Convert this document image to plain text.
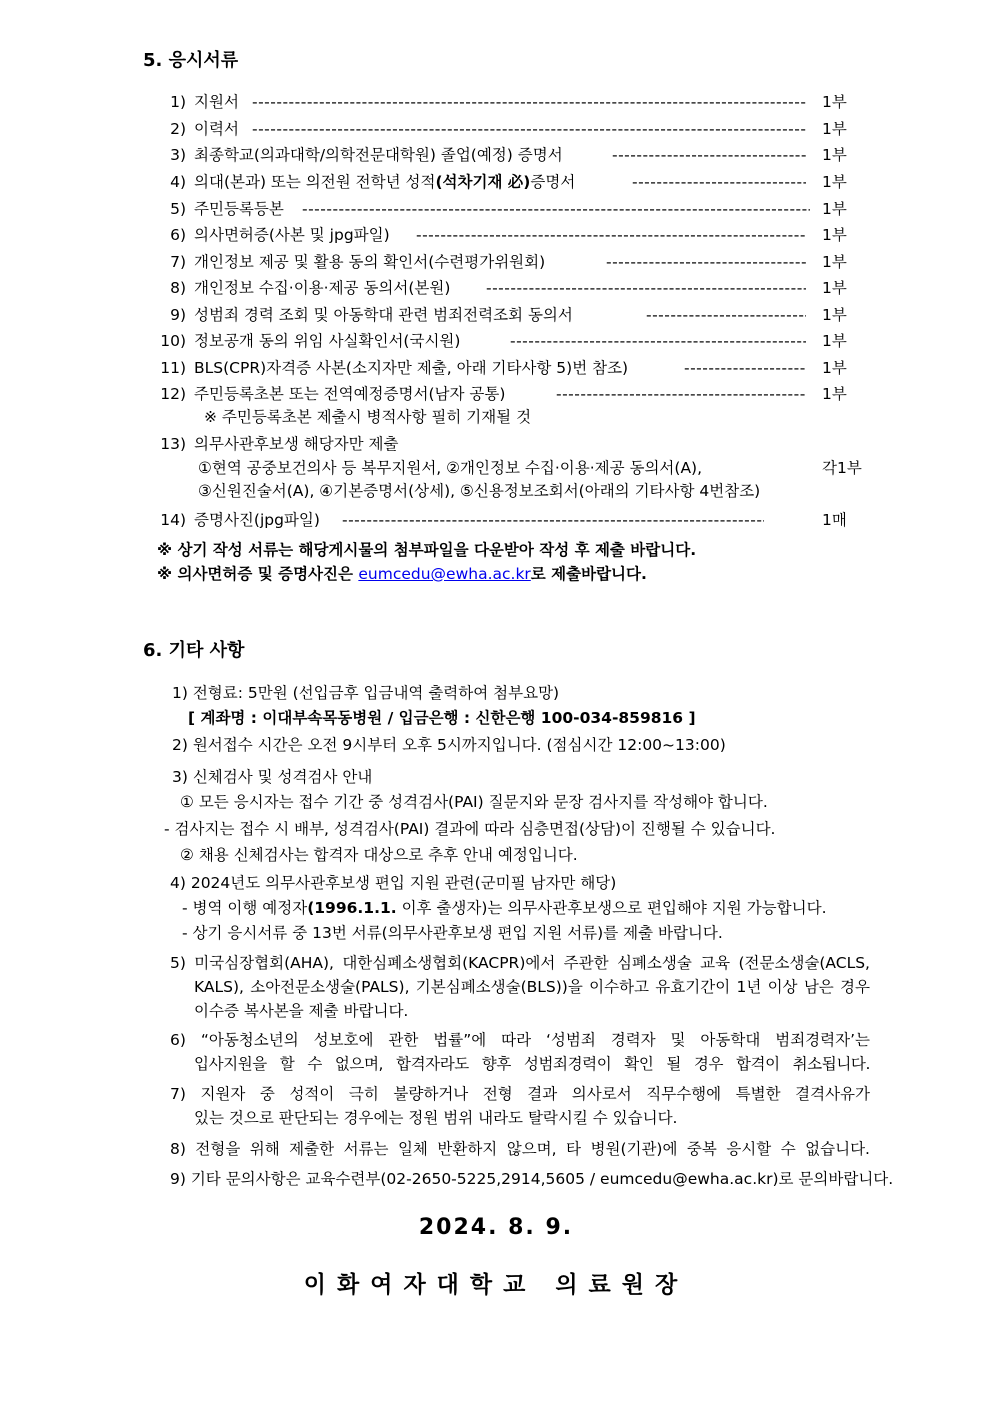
5. 응시서류
1) 지원서 -----	1부
2) 이력서 -----	1부
3) 최종학교(의과대학/의학전문대학원) 졸업(예정) 증명서 -----	1부
4) 의대(본과) 또는 의전원 전학년 성적(석차기재 必)증명서 -----	1부
5) 주민등록등본 -----	1부
6) 의사면허증(사본 및 jpg파일) -----	1부
7) 개인정보 제공 및 활용 동의 확인서(수련평가위원회) -----	1부
8) 개인정보 수집·이용·제공 동의서(본원) -----	1부
9) 성범죄 경력 조회 및 아동학대 관련 범죄전력조회 동의서 -----	1부
10) 정보공개 동의 위임 사실확인서(국시원) -----	1부
11) BLS(CPR)자격증 사본(소지자만 제출, 아래 기타사항 5)번 참조) -----	1부
12) 주민등록초본 또는 전역예정증명서(남자 공통) -----	1부
※ 주민등록초본 제출시 병적사항 필히 기재될 것
13) 의무사관후보생 해당자만 제출
①현역 공중보건의사 등 복무지원서, ②개인정보 수집·이용·제공 동의서(A),	각1부
③신원진술서(A), ④기본증명서(상세), ⑤신용정보조회서(아래의 기타사항 4번참조)
14) 증명사진(jpg파일) -----	1매
※ 상기 작성 서류는 해당게시물의 첨부파일을 다운받아 작성 후 제출 바랍니다.
※ 의사면허증 및 증명사진은 eumcedu@ewha.ac.kr로 제출바랍니다.
6. 기타 사항
1) 전형료: 5만원 (선입금후 입금내역 출력하여 첨부요망)
[ 계좌명 : 이대부속목동병원 / 입금은행 : 신한은행 100-034-859816 ]
2) 원서접수 시간은 오전 9시부터 오후 5시까지입니다. (점심시간 12:00~13:00)
3) 신체검사 및 성격검사 안내
① 모든 응시자는 접수 기간 중 성격검사(PAI) 질문지와 문장 검사지를 작성해야 합니다.
- 검사지는 접수 시 배부, 성격검사(PAI) 결과에 따라 심층면접(상담)이 진행될 수 있습니다.
② 채용 신체검사는 합격자 대상으로 추후 안내 예정입니다.
4) 2024년도 의무사관후보생 편입 지원 관련(군미필 남자만 해당)
- 병역 이행 예정자(1996.1.1. 이후 출생자)는 의무사관후보생으로 편입해야 지원 가능합니다.
- 상기 응시서류 중 13번 서류(의무사관후보생 편입 지원 서류)를 제출 바랍니다.
5) 미국심장협회(AHA), 대한심폐소생협회(KACPR)에서 주관한 심폐소생술 교육 (전문소생술(ACLS,
KALS), 소아전문소생술(PALS), 기본심폐소생술(BLS))을 이수하고 유효기간이 1년 이상 남은 경우
이수증 복사본을 제출 바랍니다.
6) “아동청소년의 성보호에 관한 법률”에 따라 ‘성범죄 경력자 및 아동학대 범죄경력자’는
입사지원을 할 수 없으며, 합격자라도 향후 성범죄경력이 확인 될 경우 합격이 취소됩니다.
7) 지원자 중 성적이 극히 불량하거나 전형 결과 의사로서 직무수행에 특별한 결격사유가
있는 것으로 판단되는 경우에는 정원 범위 내라도 탈락시킬 수 있습니다.
8) 전형을 위해 제출한 서류는 일체 반환하지 않으며, 타 병원(기관)에 중복 응시할 수 없습니다.
9) 기타 문의사항은 교육수련부(02-2650-5225,2914,5605 / eumcedu@ewha.ac.kr)로 문의바랍니다.
2024. 8. 9.
이화여자대학교 의료원장
